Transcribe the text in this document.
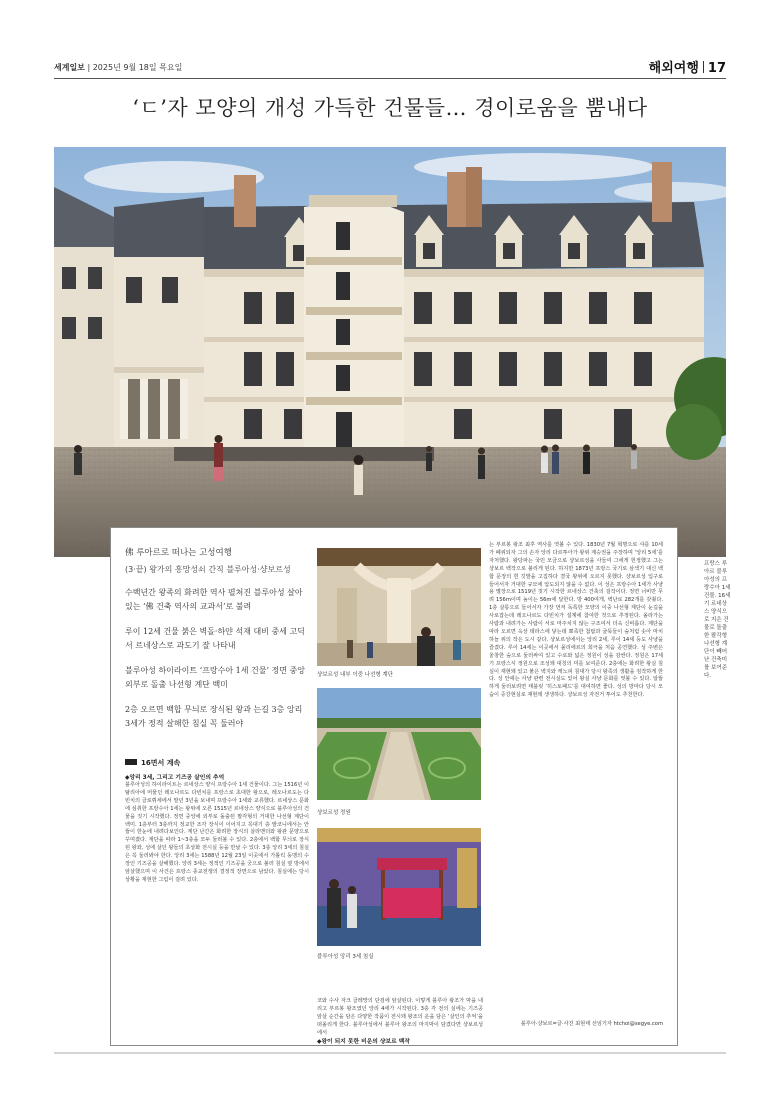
세계일보 | 2025년 9월 18일 목요일	해외여행 17
‘ㄷ’자 모양의 개성 가득한 건물들… 경이로움을 뿜내다
프랑스 루아르 블루아성의 프랑수아 1세 건물. 16세기 르네상스 양식으로 지은 건물로 돌출한 팔각형 나선형 계단이 빼어난 건축미를 보여준다.
佛 루아르로 떠나는 고성여행
(3·끝) 왕가의 흥망성쇠 간직 블루아성·샹보르성

수백년간 왕족의 화려한 역사 펼쳐진 블루아성 살아있는 ‘佛 건축 역사의 교과서’로 불려

루이 12세 건물 붉은 벽돌·하얀 석재 대비 중세 고딕서 르네상스로 과도기 잘 나타내

블루아성 하이라이트 ‘프랑수아 1세 건물’ 정면 중앙 외부로 돌출 나선형 계단 백미

2층 오르면 백합 무늬로 장식된 왕과 는길 3층 앙리 3세가 정적 살해한 침실 꼭 둘러야

16면서 계속
◆앙리 3세, 그리고 기즈공 살인의 추억

블루아성의 하이라이트는 르네상스 양식 프랑수아 1세 건물이다. 그는 1516년 이탈리아에 머물던 레오나르도 다빈치를 프랑스로 초대한 왕으로, 레오나르도는 다빈치의 클로뤼세에서 말년 3년을 보내며 프랑수아 1세와 교류했다. 르네상스 문화에 심취한 프랑수아 1세는 왕위에 오른 1515년 르네상스 양식으로 블루아성의 건물을 짓기 시작했다. 정면 중앙에 외부로 돌출된 팔각형의 거대한 나선형 계단이 백미. 1층부터 3층까지 정교한 조각 장식이 이어지고 꼭대기 층 발코니에서는 안뜰이 한눈에 내려다보인다. 계단 난간은 화려한 장식의 살라맨더와 왕관 문양으로 꾸며졌다. 계단을 따라 1~3층을 모두 둘러볼 수 있다. 2층에서 백합 무늬로 장식된 왕좌, 성에 살던 왕들의 초상화 전시실 등을 만날 수 있다. 3층 앙리 3세의 침실은 꼭 둘러봐야 한다. 앙리 3세는 1588년 12월 23일 이곳에서 가톨릭 동맹의 수장인 기즈공을 살해했다. 앙리 3세는 정적인 기즈공을 궁으로 불러 침실 옆 방에서 암살했으며 이 사건은 프랑스 종교전쟁의 결정적 장면으로 남았다. 침실에는 당시 상황을 재현한 그림이 걸려 있다.

샹보르성 내부 이중 나선형 계단
샹보르성 정원
블루아성 앙리 3세 침실

코와 수사 자크 클레망의 단검에 암살된다. 이렇게 블루아 왕조가 막을 내리고 부르봉 왕조였던 앙리 4세가 시작된다. 3층 각 전의 실에는 기즈공 암살 순간을 담은 다양한 작품이 전시돼 왕조의 운을 담은 ‘살인의 추억’을 떠올리게 한다. 블루아성에서 블루아 왕조의 마지막이 담겼다면 샹보르성에서

◆왕이 되지 못한 비운의 샹보르 백작

는 부르봉 왕조 최후 역사를 엿볼 수 있다. 1830년 7월 혁명으로 샤를 10세가 폐위되자 그의 손자 앙리 다르투아가 왕위 계승권을 주장하며 ‘앙리 5세’를 자처했다. 왕당파는 국민 모금으로 샹보르성을 사들여 그에게 헌정했고 그는 샹보르 백작으로 불리게 된다. 하지만 1873년 프랑스 국기로 삼색기 대신 백합 문장의 흰 깃발을 고집하다 결국 왕위에 오르지 못했다. 샹보르성 입구로 들어서자 거대한 규모에 압도되지 않을 수 없다. 이 성은 프랑수아 1세가 사냥용 별장으로 1519년 짓기 시작한 르네상스 건축의 걸작이다. 정면 너비만 무려 156m이며 높이는 56m에 달한다. 방 400여개, 벽난로 282개를 갖췄다. 1층 살롱으로 들어서자 가장 먼저 독특한 모양의 이중 나선형 계단이 눈길을 사로잡는데 레오나르도 다빈치가 설계에 참여한 것으로 추정된다. 올라가는 사람과 내려가는 사람이 서로 마주치지 않는 구조여서 더욱 신비롭다. 계단을 따라 오르면 옥상 테라스에 닿는데 뾰족한 첨탑과 굴뚝들이 숲처럼 솟아 마치 하늘 위의 작은 도시 같다. 샹보르성에서는 앙리 2세, 루이 14세 등도 사냥을 즐겼다. 루이 14세는 이곳에서 몰리에르의 희극을 처음 공연했다. 성 주변은 울창한 숲으로 둘러싸여 있고 수로와 넓은 정원이 성을 감싼다. 정원은 17세기 프랑스식 정원으로 조성돼 대칭의 미를 보여준다. 2층에는 화려한 왕실 침실이 재현돼 있고 붉은 벽지와 캐노피 침대가 당시 왕족의 생활을 짐작하게 한다. 성 안에는 사냥 관련 전시실도 있어 왕실 사냥 문화를 엿볼 수 있다. 알뜰하게 둘러보려면 태블릿 ‘히스토패드’를 대여하면 좋다. 성의 방마다 당시 모습이 증강현실로 재현돼 생생하다. 샹보르성 자전거 투어도 추천한다.

블루아·샹보르=글·사진 최현태 선임기자 htchoi@segye.com
